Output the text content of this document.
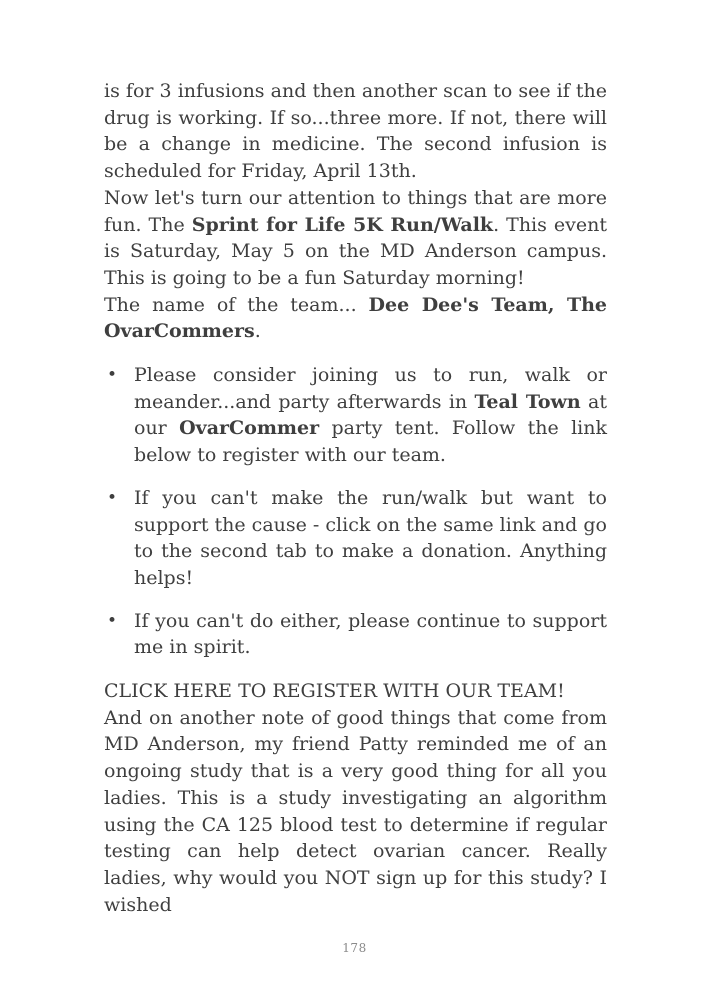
is for 3 infusions and then another scan to see if the drug is working. If so...three more. If not, there will be a change in medicine. The second infusion is scheduled for Friday, April 13th.

Now let's turn our attention to things that are more fun. The Sprint for Life 5K Run/Walk. This event is Saturday, May 5 on the MD Anderson campus. This is going to be a fun Saturday morning!

The name of the team... Dee Dee's Team, The OvarCommers.

• Please consider joining us to run, walk or meander...and party afterwards in Teal Town at our OvarCommer party tent. Follow the link below to register with our team.
• If you can't make the run/walk but want to support the cause - click on the same link and go to the second tab to make a donation. Anything helps!
• If you can't do either, please continue to support me in spirit.

CLICK HERE TO REGISTER WITH OUR TEAM!

And on another note of good things that come from MD Anderson, my friend Patty reminded me of an ongoing study that is a very good thing for all you ladies. This is a study investigating an algorithm using the CA 125 blood test to determine if regular testing can help detect ovarian cancer. Really ladies, why would you NOT sign up for this study? I wished

178
